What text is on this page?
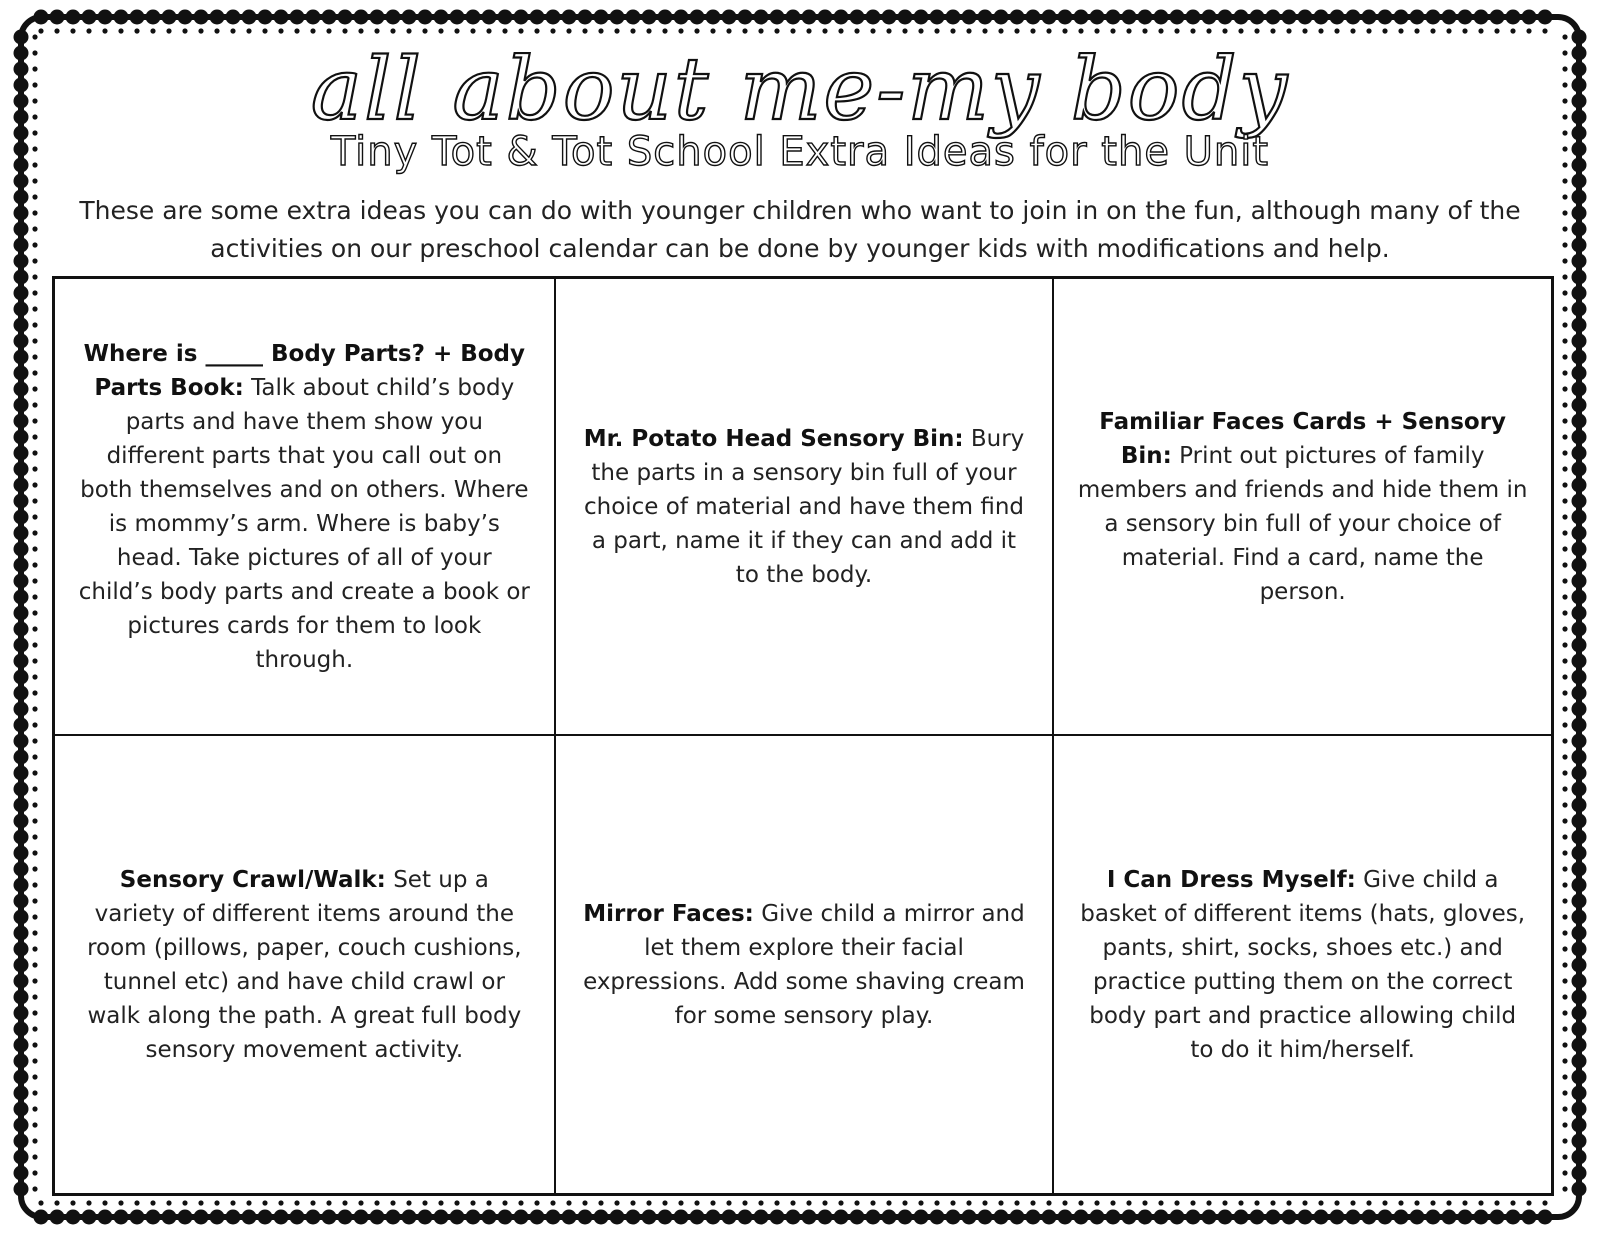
all about me-my body
Tiny Tot & Tot School Extra Ideas for the Unit

These are some extra ideas you can do with younger children who want to join in on the fun, although many of the activities on our preschool calendar can be done by younger kids with modifications and help.

Where is _____ Body Parts? + Body Parts Book: Talk about child’s body parts and have them show you different parts that you call out on both themselves and on others. Where is mommy’s arm. Where is baby’s head. Take pictures of all of your child’s body parts and create a book or pictures cards for them to look through.

Mr. Potato Head Sensory Bin: Bury the parts in a sensory bin full of your choice of material and have them find a part, name it if they can and add it to the body.

Familiar Faces Cards + Sensory Bin: Print out pictures of family members and friends and hide them in a sensory bin full of your choice of material. Find a card, name the person.

Sensory Crawl/Walk: Set up a variety of different items around the room (pillows, paper, couch cushions, tunnel etc) and have child crawl or walk along the path. A great full body sensory movement activity.

Mirror Faces: Give child a mirror and let them explore their facial expressions. Add some shaving cream for some sensory play.

I Can Dress Myself: Give child a basket of different items (hats, gloves, pants, shirt, socks, shoes etc.) and practice putting them on the correct body part and practice allowing child to do it him/herself.
